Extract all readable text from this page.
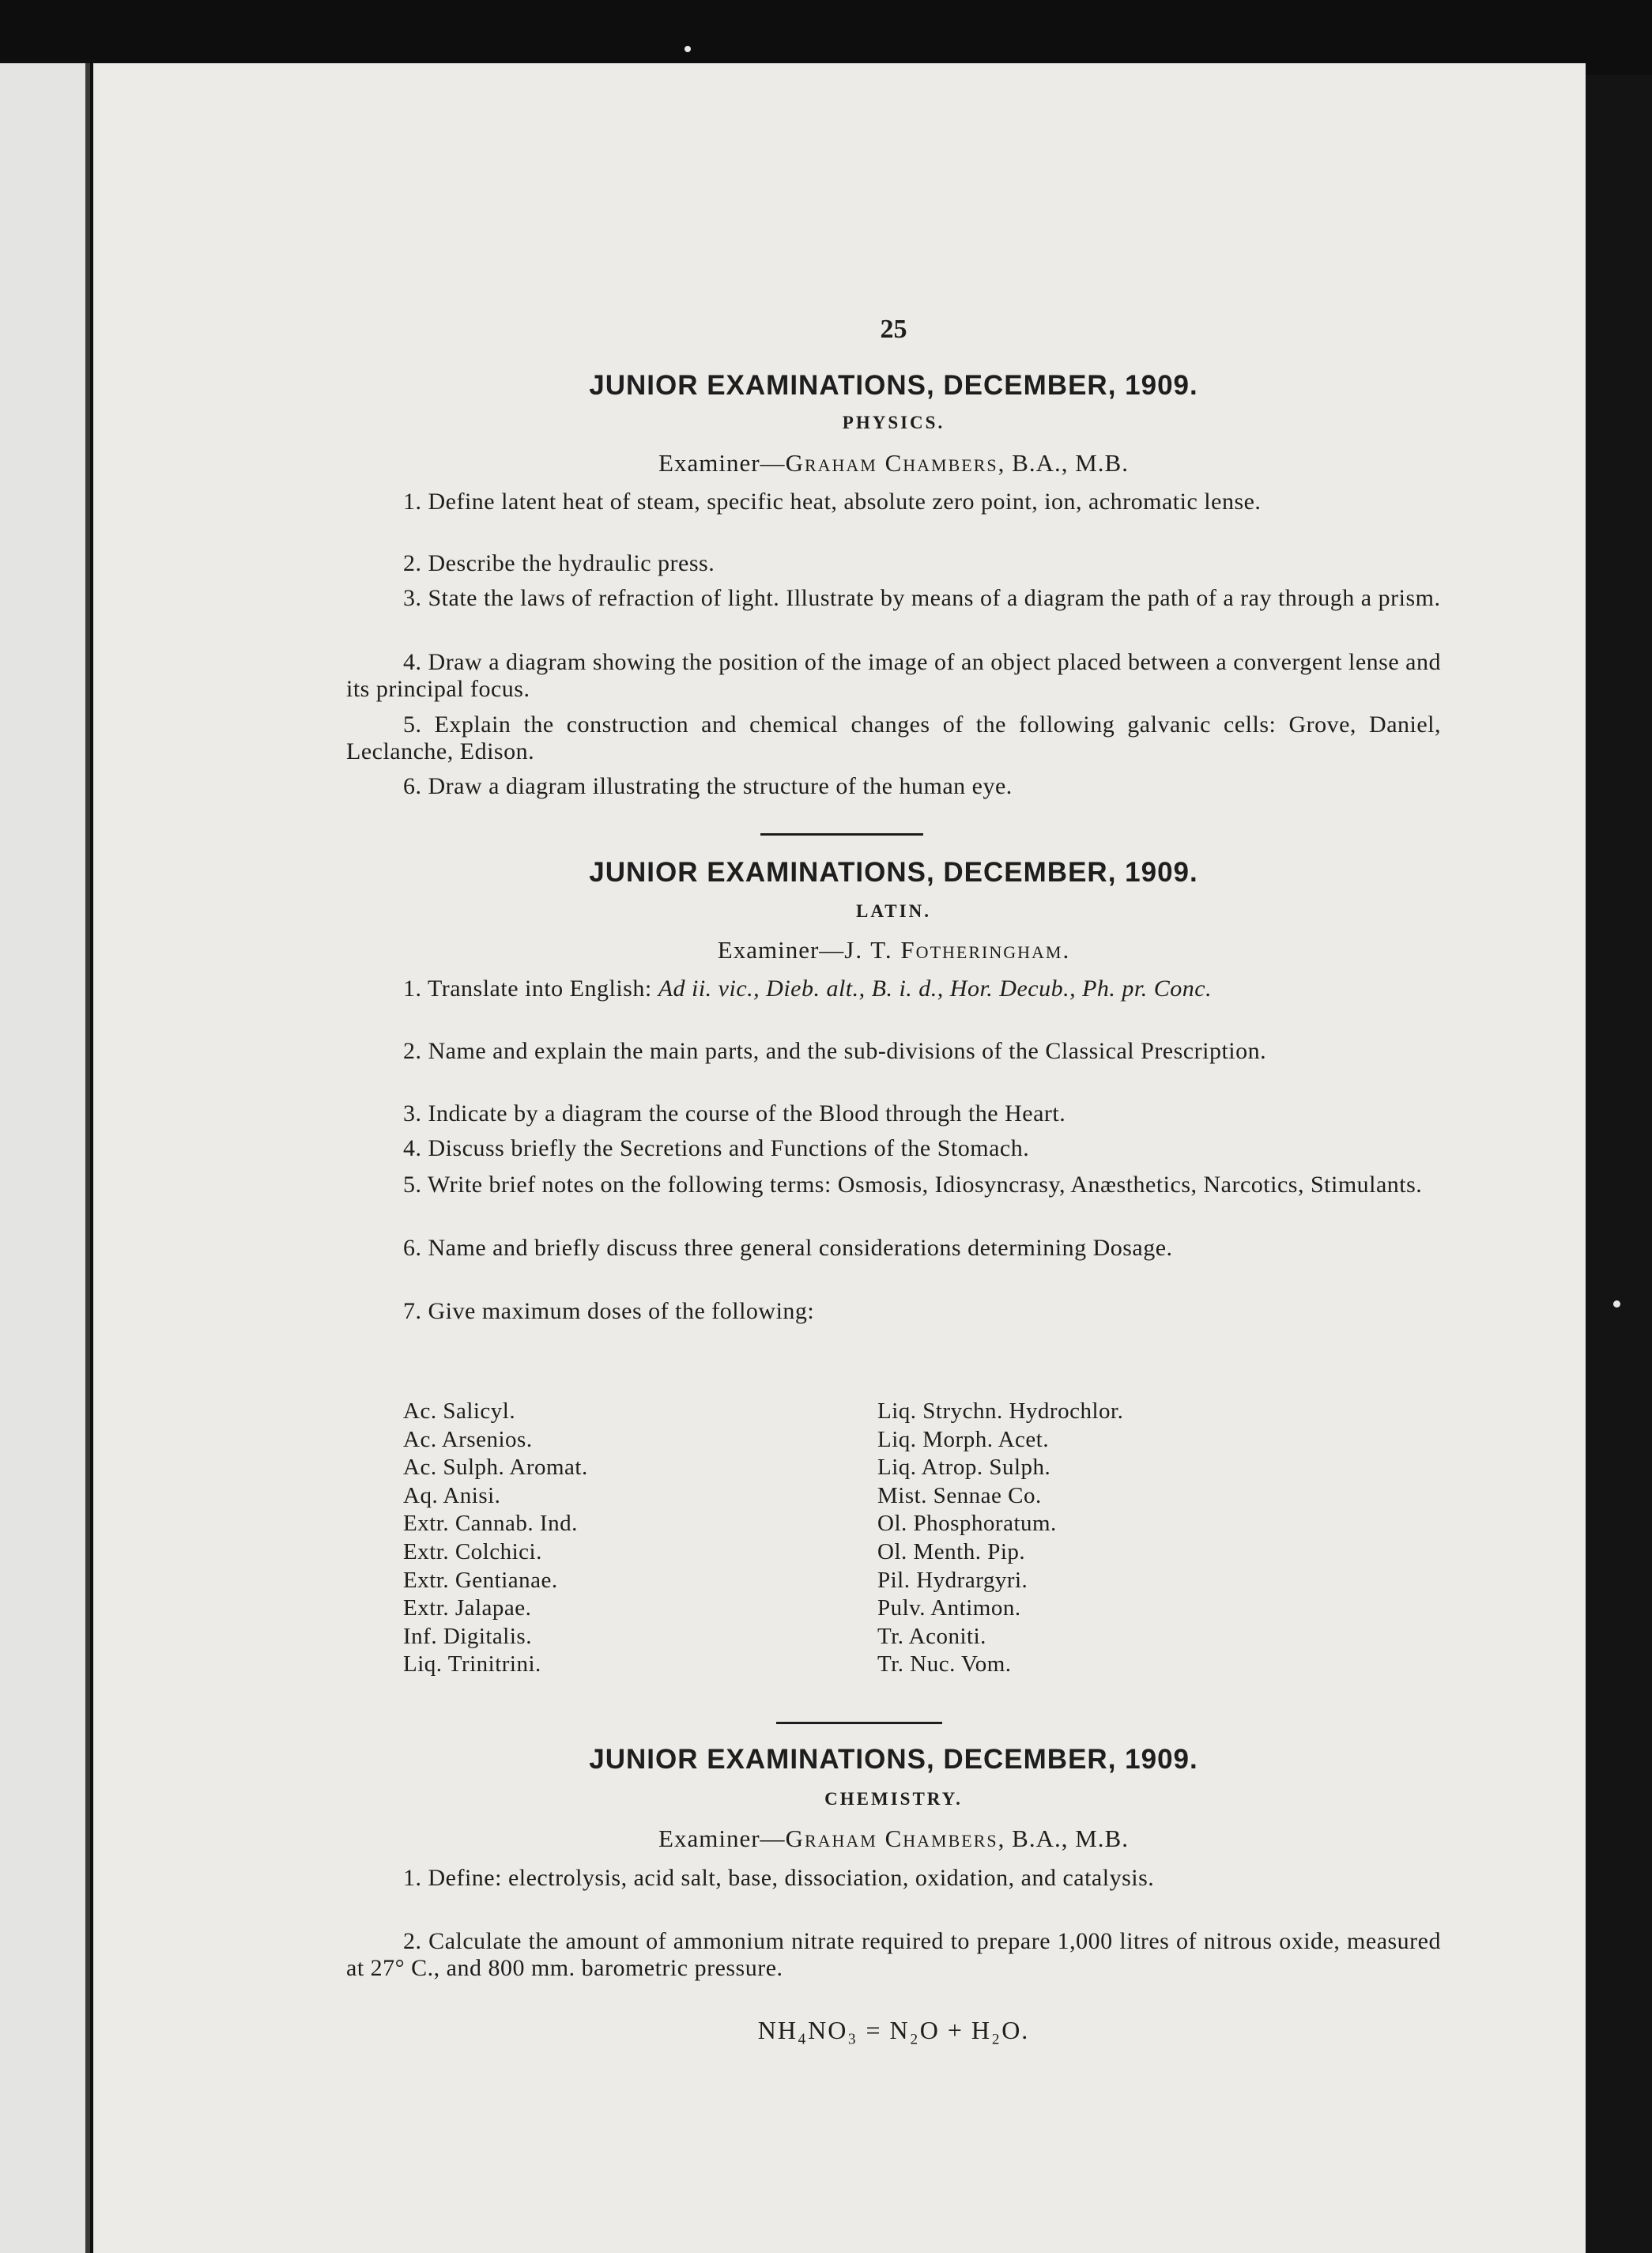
25
JUNIOR EXAMINATIONS, DECEMBER, 1909.
PHYSICS.
Examiner—Graham Chambers, B.A., M.B.
1. Define latent heat of steam, specific heat, absolute zero point, ion, achromatic lense.
2. Describe the hydraulic press.
3. State the laws of refraction of light. Illustrate by means of a diagram the path of a ray through a prism.
4. Draw a diagram showing the position of the image of an object placed between a convergent lense and its principal focus.
5. Explain the construction and chemical changes of the following galvanic cells: Grove, Daniel, Leclanche, Edison.
6. Draw a diagram illustrating the structure of the human eye.
JUNIOR EXAMINATIONS, DECEMBER, 1909.
LATIN.
Examiner—J. T. Fotheringham.
1. Translate into English: Ad ii. vic., Dieb. alt., B. i. d., Hor. Decub., Ph. pr. Conc.
2. Name and explain the main parts, and the sub-divisions of the Classical Prescription.
3. Indicate by a diagram the course of the Blood through the Heart.
4. Discuss briefly the Secretions and Functions of the Stomach.
5. Write brief notes on the following terms: Osmosis, Idiosyncrasy, Anæsthetics, Narcotics, Stimulants.
6. Name and briefly discuss three general considerations determining Dosage.
7. Give maximum doses of the following:
Ac. Salicyl.
Ac. Arsenios.
Ac. Sulph. Aromat.
Aq. Anisi.
Extr. Cannab. Ind.
Extr. Colchici.
Extr. Gentianae.
Extr. Jalapae.
Inf. Digitalis.
Liq. Trinitrini.
Liq. Strychn. Hydrochlor.
Liq. Morph. Acet.
Liq. Atrop. Sulph.
Mist. Sennae Co.
Ol. Phosphoratum.
Ol. Menth. Pip.
Pil. Hydrargyri.
Pulv. Antimon.
Tr. Aconiti.
Tr. Nuc. Vom.
JUNIOR EXAMINATIONS, DECEMBER, 1909.
CHEMISTRY.
Examiner—Graham Chambers, B.A., M.B.
1. Define: electrolysis, acid salt, base, dissociation, oxidation, and catalysis.
2. Calculate the amount of ammonium nitrate required to prepare 1,000 litres of nitrous oxide, measured at 27° C., and 800 mm. barometric pressure.
NH₄NO₃ = N₂O + H₂O.
